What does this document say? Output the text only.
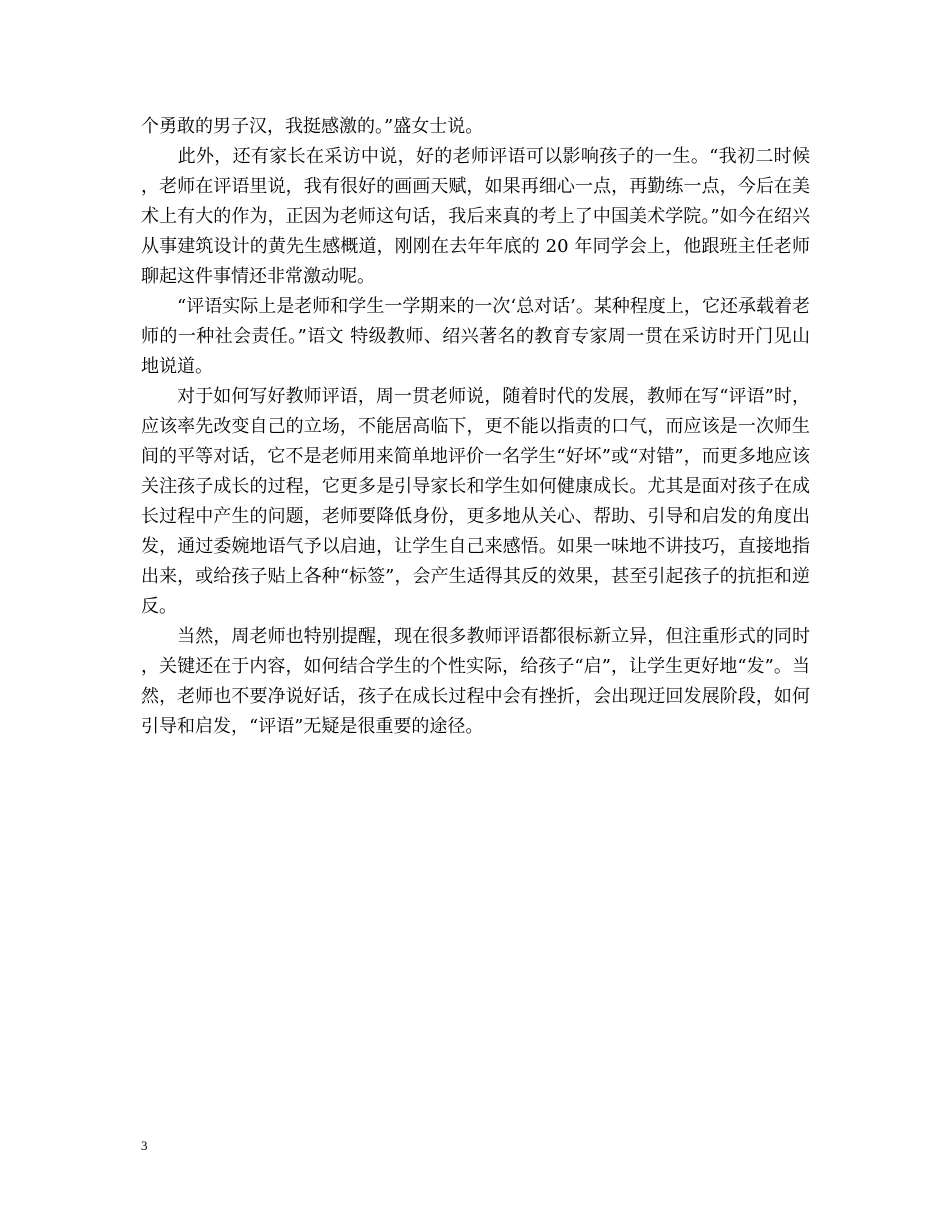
个勇敢的男子汉，我挺感激的。”盛女士说。

　　此外，还有家长在采访中说，好的老师评语可以影响孩子的一生。“我初二时候，老师在评语里说，我有很好的画画天赋，如果再细心一点，再勤练一点，今后在美术上有大的作为，正因为老师这句话，我后来真的考上了中国美术学院。”如今在绍兴从事建筑设计的黄先生感概道，刚刚在去年年底的 20 年同学会上，他跟班主任老师聊起这件事情还非常激动呢。

　　“评语实际上是老师和学生一学期来的一次‘总对话’。某种程度上，它还承载着老师的一种社会责任。”语文 特级教师、绍兴著名的教育专家周一贯在采访时开门见山地说道。

　　对于如何写好教师评语，周一贯老师说，随着时代的发展，教师在写“评语”时，应该率先改变自己的立场，不能居高临下，更不能以指责的口气，而应该是一次师生间的平等对话，它不是老师用来简单地评价一名学生“好坏”或“对错”，而更多地应该关注孩子成长的过程，它更多是引导家长和学生如何健康成长。尤其是面对孩子在成长过程中产生的问题，老师要降低身份，更多地从关心、帮助、引导和启发的角度出发，通过委婉地语气予以启迪，让学生自己来感悟。如果一味地不讲技巧，直接地指出来，或给孩子贴上各种“标签”，会产生适得其反的效果，甚至引起孩子的抗拒和逆反。

　　当然，周老师也特别提醒，现在很多教师评语都很标新立异，但注重形式的同时，关键还在于内容，如何结合学生的个性实际，给孩子“启”，让学生更好地“发”。当然，老师也不要净说好话，孩子在成长过程中会有挫折，会出现迂回发展阶段，如何引导和启发，“评语”无疑是很重要的途径。

3
